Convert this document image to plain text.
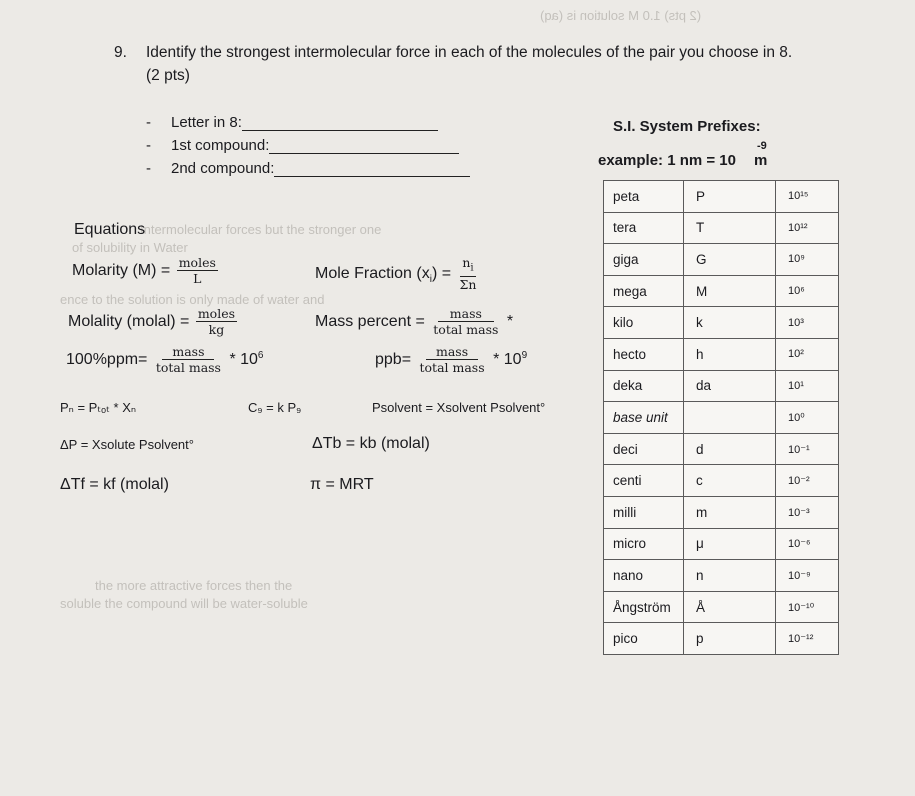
(2 pts) 1.0 M solution is (aq)
Intermolecular forces but the stronger one
of solubility in Water
ence to the solution is only made of water and
the more attractive forces then the
soluble the compound will be water-soluble
9. Identify the strongest intermolecular force in each of the molecules of the pair you choose in 8.
(2 pts)
- Letter in 8:
- 1st compound:
- 2nd compound:
S.I. System Prefixes:
-9
example: 1 nm = 10 m
peta	P	10¹⁵
tera	T	10¹²
giga	G	10⁹
mega	M	10⁶
kilo	k	10³
hecto	h	10²
deka	da	10¹
base unit		10⁰
deci	d	10⁻¹
centi	c	10⁻²
milli	m	10⁻³
micro	μ	10⁻⁶
nano	n	10⁻⁹
Ångström	Å	10⁻¹⁰
pico	p	10⁻¹²
Equations
Molarity $(M) = \frac{\text{moles}}{L}$	Mole Fraction $(x_i) = \frac{n_i}{\Sigma n}$
Molality (molal) = $\frac{\text{moles}}{kg}$	Mass percent = $\frac{\text{mass}}{\text{total mass}}$ *
$100\%ppm= \frac{\text{mass}}{\text{total mass}} * 10^6$	$ppb= \frac{\text{mass}}{\text{total mass}} * 10^9$
Pₙ = Pₜₒₜ * Xₙ	C₉ = k P₉	Psolvent = Xsolvent Psolvent°
ΔP = Xsolute Psolvent°	ΔTb = kb (molal)
ΔTf = kf (molal)	π = MRT
